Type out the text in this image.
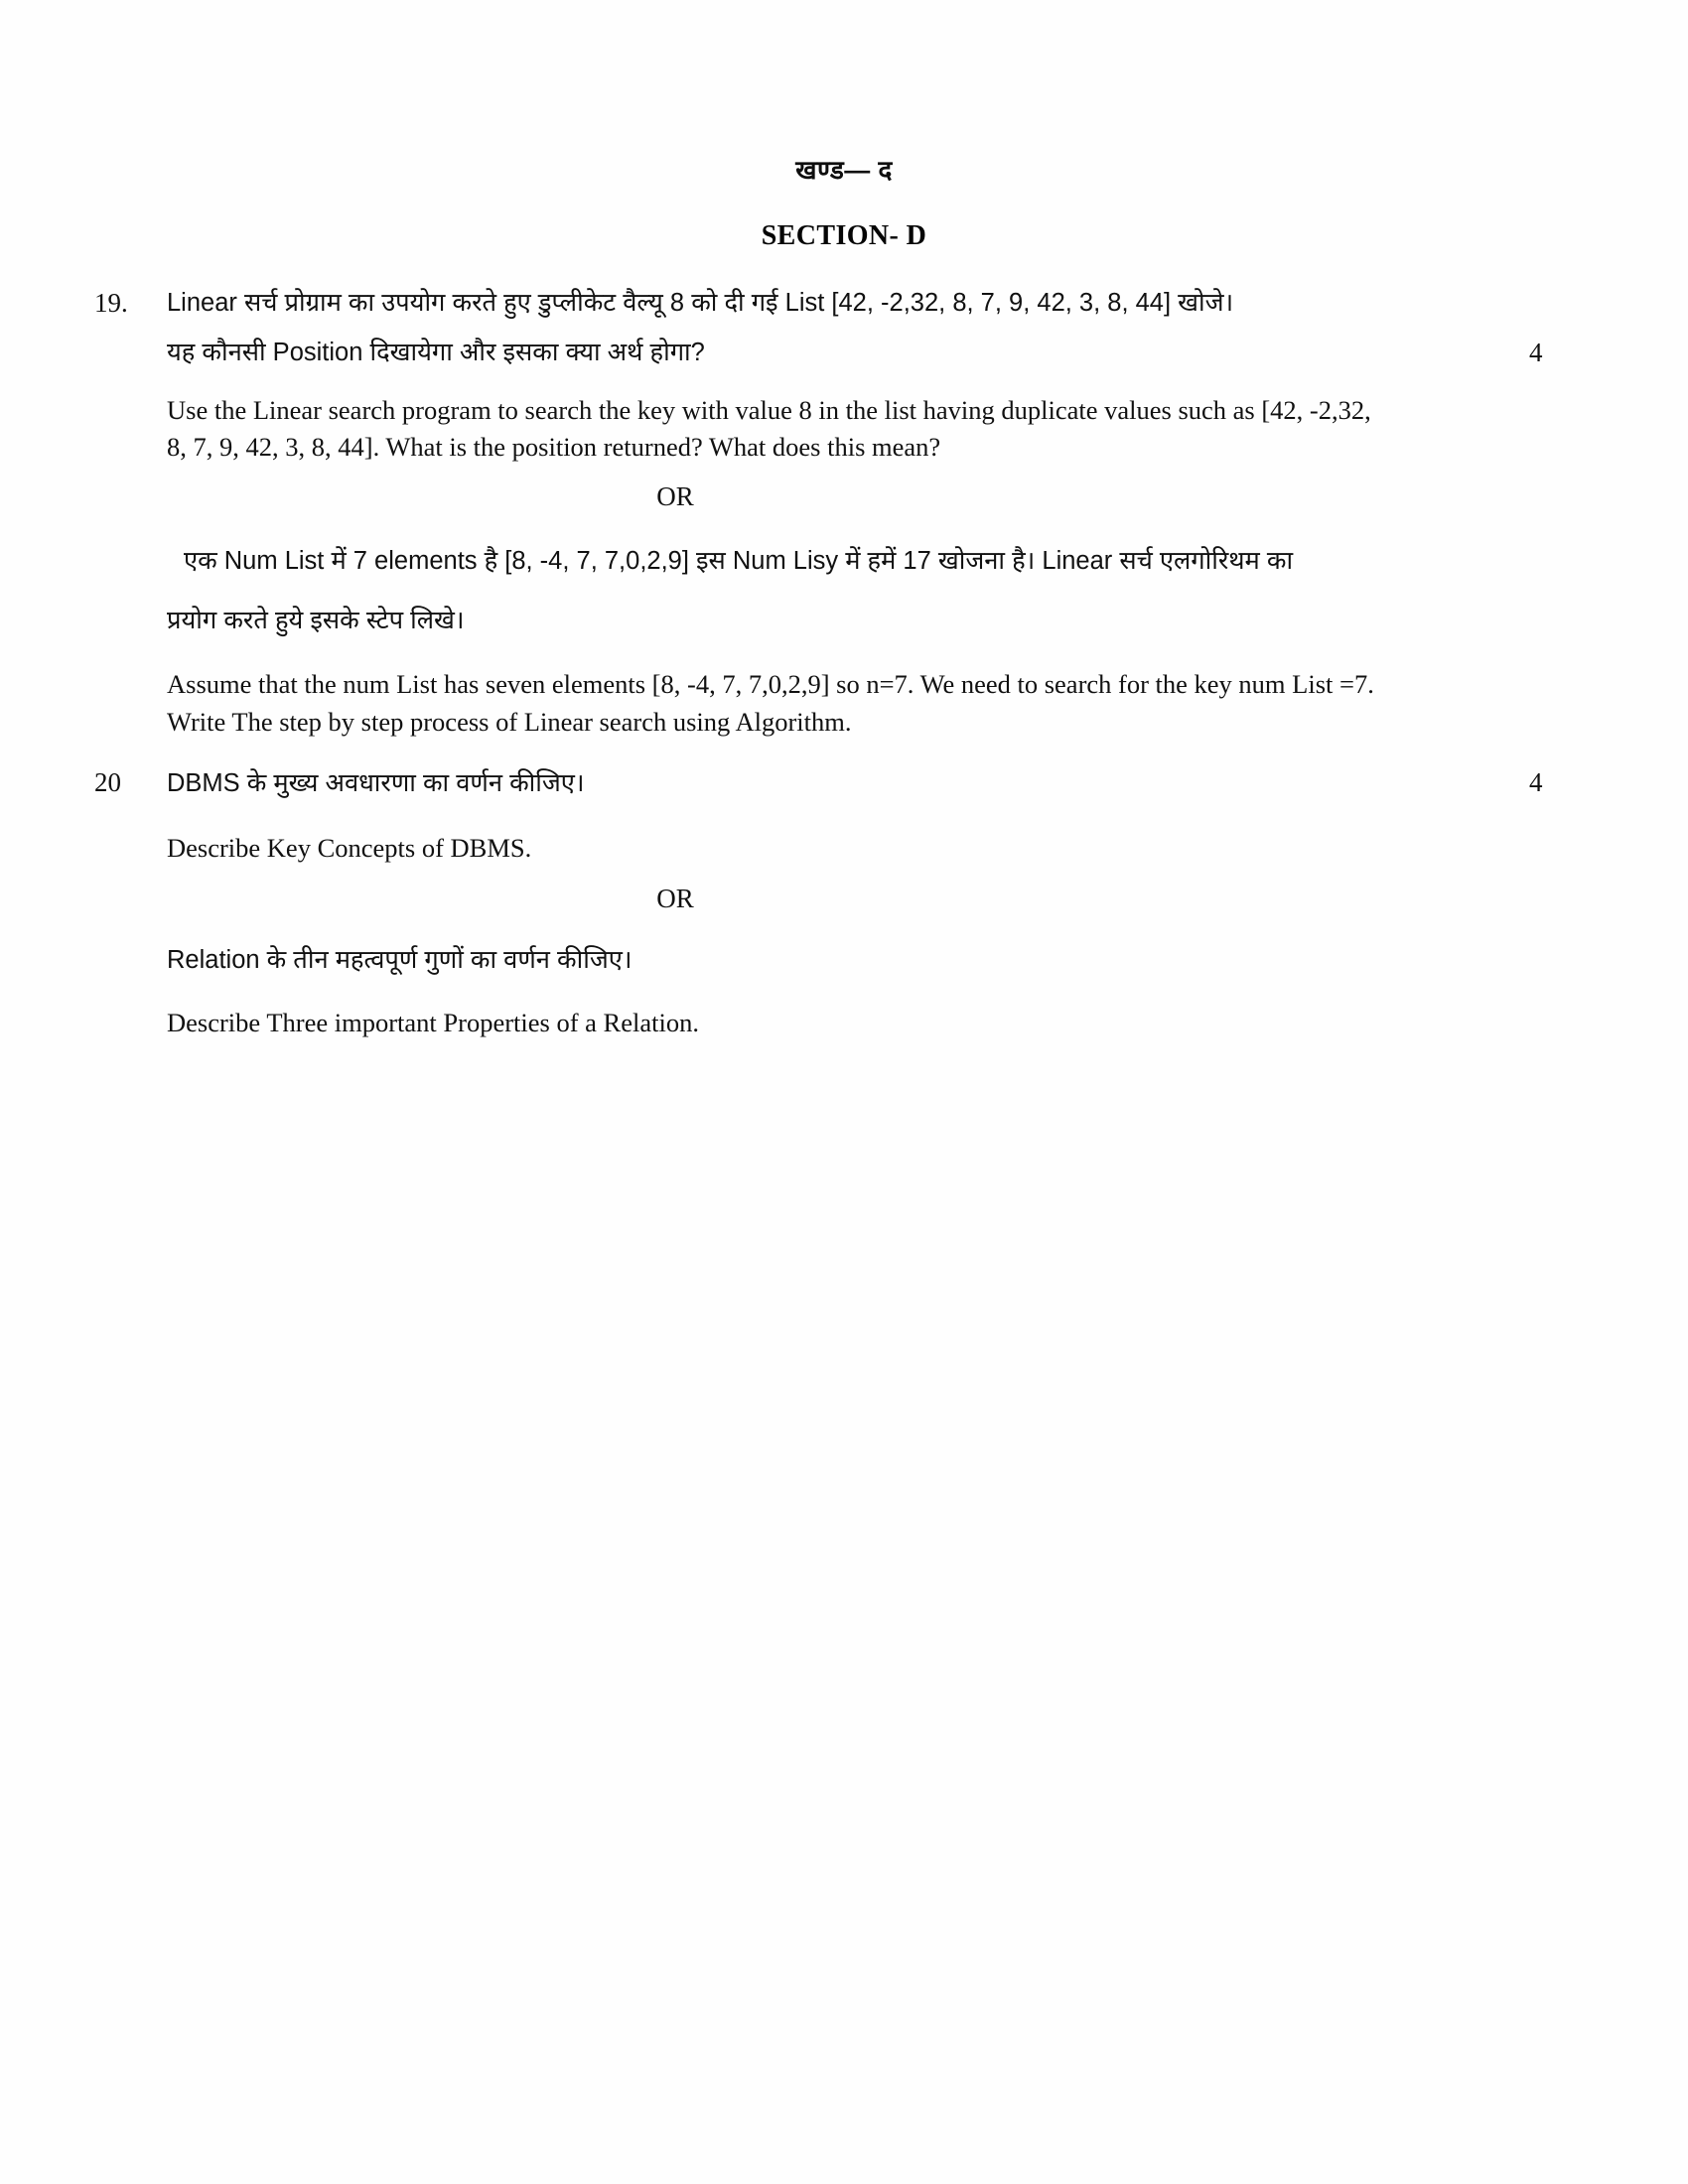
खण्ड— द
SECTION- D
19. Linear सर्च प्रोग्राम का उपयोग करते हुए डुप्लीकेट वैल्यू 8 को दी गई List [42, -2,32, 8, 7, 9, 42, 3, 8, 44] खोजे।
यह कौनसी Position दिखायेगा और इसका क्या अर्थ होगा?	4
Use the Linear search program to search the key with value 8 in the list having duplicate values such as [42, -2,32,
8, 7, 9, 42, 3, 8, 44]. What is the position returned? What does this mean?
OR
एक Num List में 7 elements है [8, -4, 7, 7,0,2,9] इस Num Lisy में हमें 17 खोजना है। Linear सर्च एलगोरिथम का
प्रयोग करते हुये इसके स्टेप लिखे।
Assume that the num List has seven elements [8, -4, 7, 7,0,2,9] so n=7. We need to search for the key num List =7.
Write The step by step process of Linear search using Algorithm.
20 DBMS के मुख्य अवधारणा का वर्णन कीजिए।	4
Describe Key Concepts of DBMS.
OR
Relation के तीन महत्वपूर्ण गुणों का वर्णन कीजिए।
Describe Three important Properties of a Relation.
